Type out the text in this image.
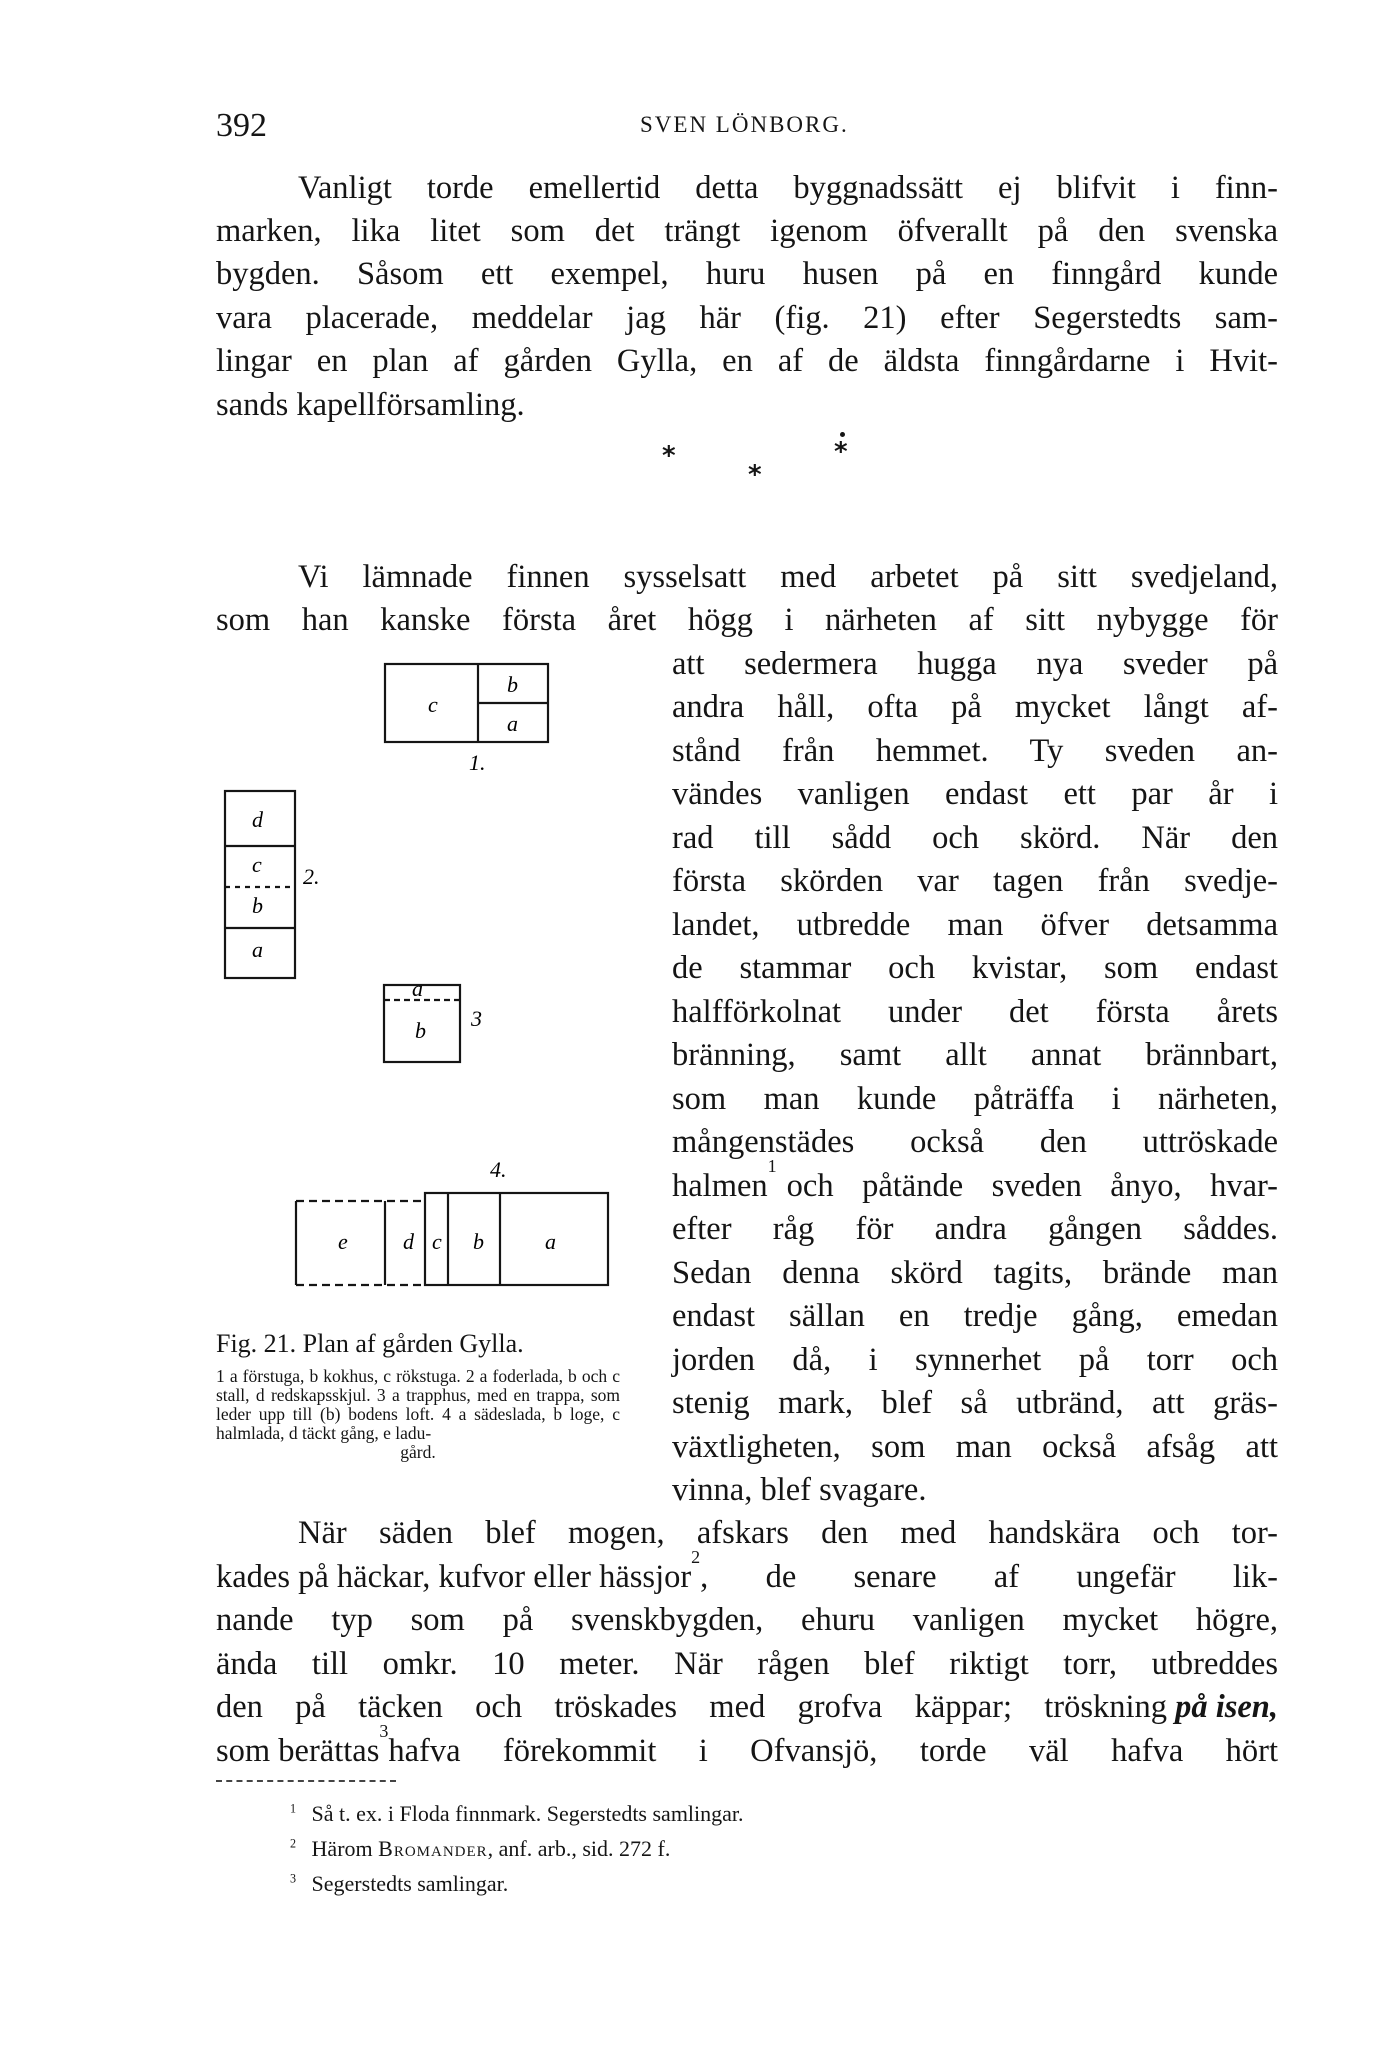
392	SVEN LÖNBORG.
Vanligt torde emellertid detta byggnadssätt ej blifvit i finn-
marken, lika litet som det trängt igenom öfverallt på den svenska
bygden. Såsom ett exempel, huru husen på en finngård kunde
vara placerade, meddelar jag här (fig. 21) efter Segerstedts sam-
lingar en plan af gården Gylla, en af de äldsta finngårdarne i Hvit-
sands kapellförsamling.
*
*
*
Vi lämnade finnen sysselsatt med arbetet på sitt svedjeland,
som han kanske första året högg i närheten af sitt nybygge för
att sedermera hugga nya sveder på
andra håll, ofta på mycket långt af-
stånd från hemmet. Ty sveden an-
vändes vanligen endast ett par år i
rad till sådd och skörd. När den
första skörden var tagen från svedje-
landet, utbredde man öfver detsamma
de stammar och kvistar, som endast
halfförkolnat under det första årets
bränning, samt allt annat brännbart,
som man kunde påträffa i närheten,
mångenstädes också den uttröskade
halmen
1
och påtände sveden ånyo, hvar-
efter råg för andra gången såddes.
Sedan denna skörd tagits, brände man
endast sällan en tredje gång, emedan
jorden då, i synnerhet på torr och
stenig mark, blef så utbränd, att gräs-
växtligheten, som man också afsåg att
vinna, blef svagare.
c
b
a
1.
d
c
b
a
2.
a
b 3
4.
e	d c b	a
Fig. 21. Plan af gården Gylla.
1 a förstuga, b kokhus, c rökstuga. 2 a foderlada, b och c stall, d redskapsskjul. 3 a trapphus, med en trappa, som leder upp till (b) bodens loft. 4 a sädeslada, b loge, c halmlada, d täckt gång, e ladu-
gård.
När säden blef mogen, afskars den med handskära och tor-
kades på häckar, kufvor eller hässjor
2
, de senare af ungefär lik-
nande typ som på svenskbygden, ehuru vanligen mycket högre,
ända till omkr. 10 meter. När rågen blef riktigt torr, utbreddes
den på täcken och tröskades med grofva käppar; tröskning på isen,
som berättas
3
hafva förekommit i Ofvansjö, torde väl hafva hört
$^1$ Så t. ex. i Floda finnmark. Segerstedts samlingar.
$^2$ Härom Bromander, anf. arb., sid. 272 f.
$^3$ Segerstedts samlingar.
